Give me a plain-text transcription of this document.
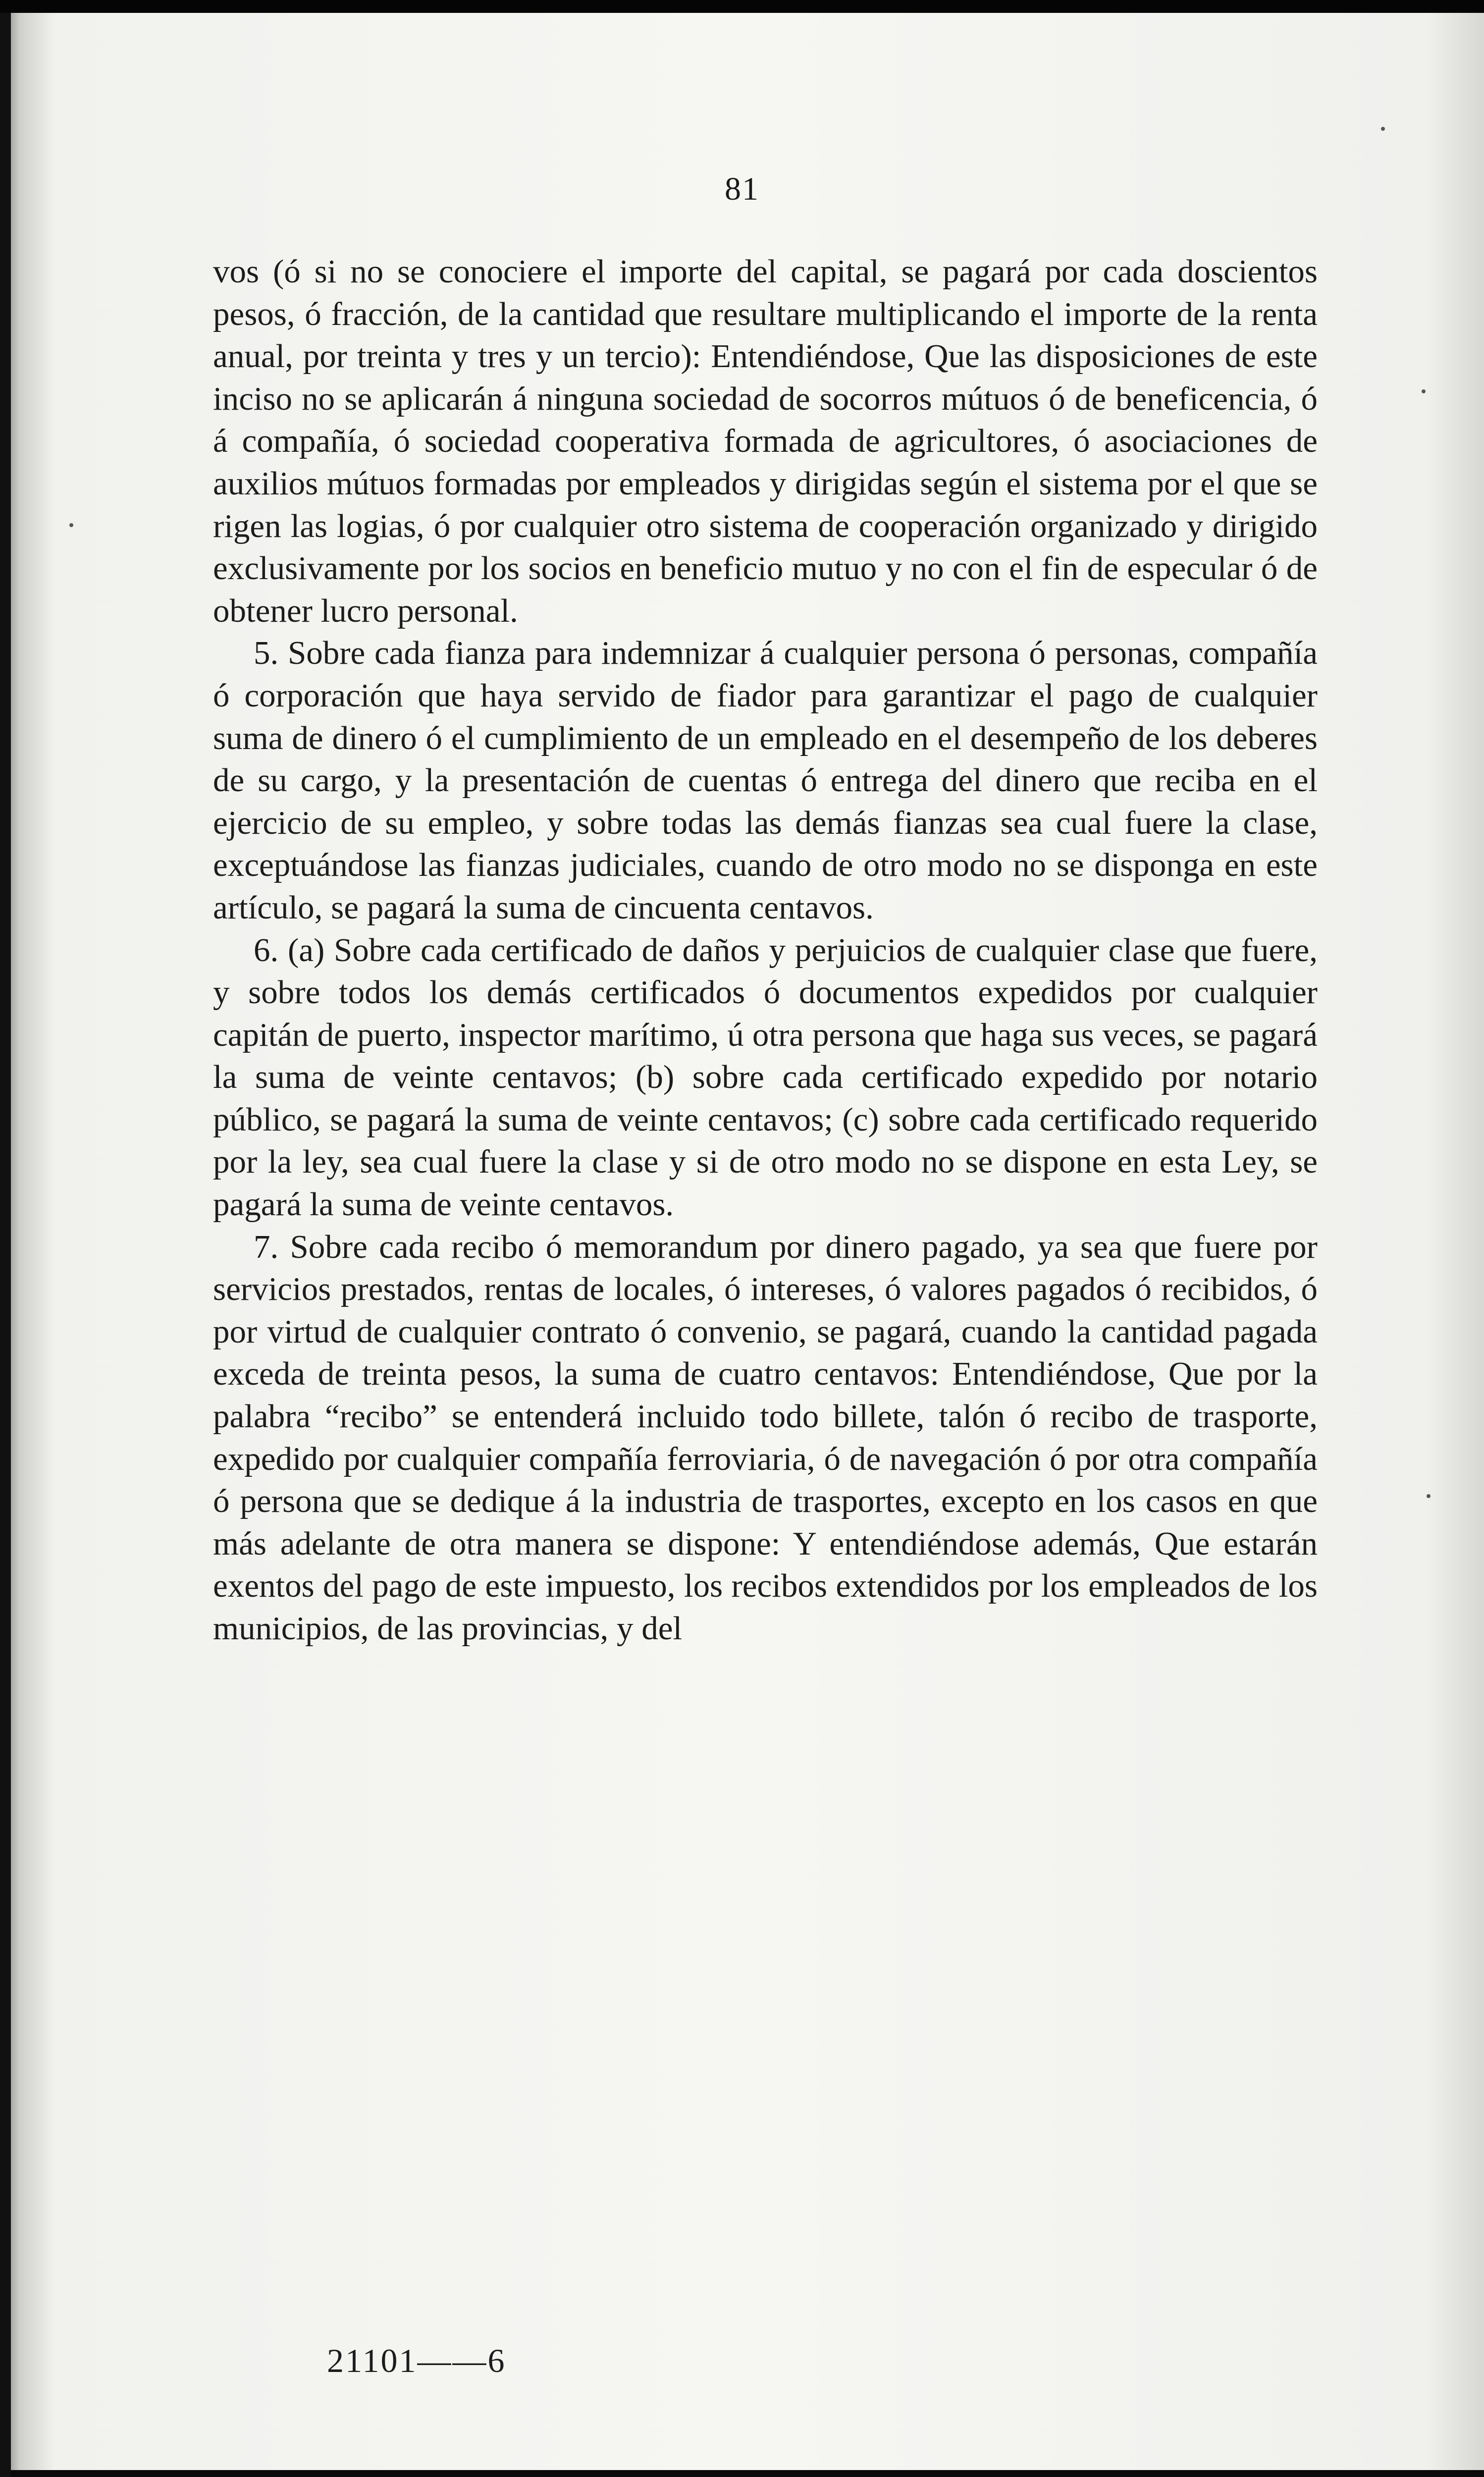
81

vos (ó si no se conociere el importe del capital, se pagará por cada doscientos pesos, ó fracción, de la cantidad que resultare multiplicando el importe de la renta anual, por treinta y tres y un tercio): Entendiéndose, Que las disposiciones de este inciso no se aplicarán á ninguna sociedad de socorros mútuos ó de beneficencia, ó á compañía, ó sociedad cooperativa formada de agricultores, ó asociaciones de auxilios mútuos formadas por empleados y dirigidas según el sistema por el que se rigen las logias, ó por cualquier otro sistema de cooperación organizado y dirigido exclusivamente por los socios en beneficio mutuo y no con el fin de especular ó de obtener lucro personal.

5. Sobre cada fianza para indemnizar á cualquier persona ó personas, compañía ó corporación que haya servido de fiador para garantizar el pago de cualquier suma de dinero ó el cumplimiento de un empleado en el desempeño de los deberes de su cargo, y la presentación de cuentas ó entrega del dinero que reciba en el ejercicio de su empleo, y sobre todas las demás fianzas sea cual fuere la clase, exceptuándose las fianzas judiciales, cuando de otro modo no se disponga en este artículo, se pagará la suma de cincuenta centavos.

6. (a) Sobre cada certificado de daños y perjuicios de cualquier clase que fuere, y sobre todos los demás certificados ó documentos expedidos por cualquier capitán de puerto, inspector marítimo, ú otra persona que haga sus veces, se pagará la suma de veinte centavos; (b) sobre cada certificado expedido por notario público, se pagará la suma de veinte centavos; (c) sobre cada certificado requerido por la ley, sea cual fuere la clase y si de otro modo no se dispone en esta Ley, se pagará la suma de veinte centavos.

7. Sobre cada recibo ó memorandum por dinero pagado, ya sea que fuere por servicios prestados, rentas de locales, ó intereses, ó valores pagados ó recibidos, ó por virtud de cualquier contrato ó convenio, se pagará, cuando la cantidad pagada exceda de treinta pesos, la suma de cuatro centavos: Entendiéndose, Que por la palabra “recibo” se entenderá incluido todo billete, talón ó recibo de trasporte, expedido por cualquier compañía ferroviaria, ó de navegación ó por otra compañía ó persona que se dedique á la industria de trasportes, excepto en los casos en que más adelante de otra manera se dispone: Y entendiéndose además, Que estarán exentos del pago de este impuesto, los recibos extendidos por los empleados de los municipios, de las provincias, y del

21101——6
